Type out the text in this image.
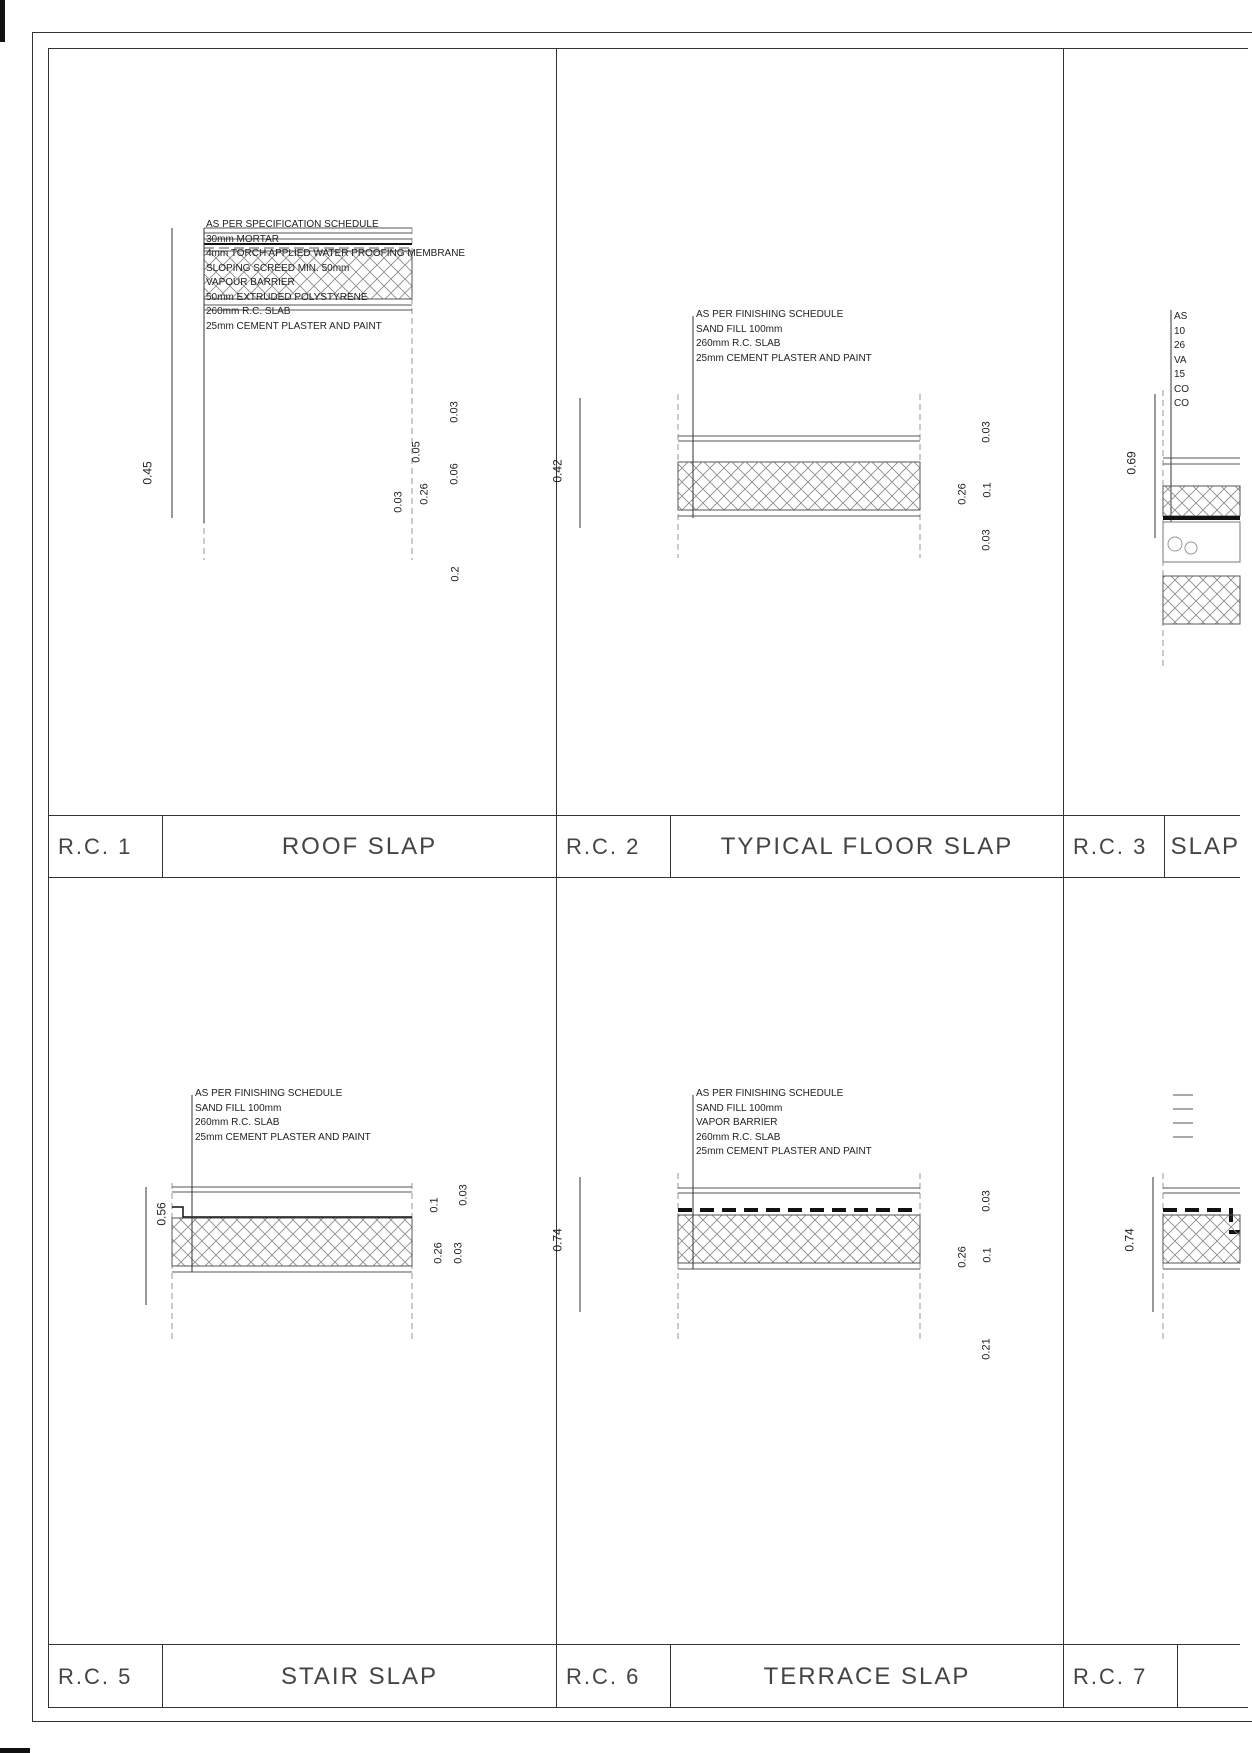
AS PER SPECIFICATION SCHEDULE
30mm MORTAR
4mm TORCH APPLIED WATER PROOFING MEMBRANE
SLOPING SCREED MIN. 50mm
VAPOUR BARRIER
50mm EXTRUDED POLYSTYRENE
260mm R.C. SLAB
25mm CEMENT PLASTER AND PAINT
0.45
0.05
0.03
0.03 0.26
0.06
0.2
R.C. 1	ROOF SLAP
AS PER FINISHING SCHEDULE
SAND FILL 100mm
260mm R.C. SLAB
25mm CEMENT PLASTER AND PAINT
0.42
0.03
0.26 0.1
0.03
R.C. 2	TYPICAL FLOOR SLAP
AS
10
26
VA
15
CO
CO
0.69
R.C. 3 SLAP
AS PER FINISHING SCHEDULE
SAND FILL 100mm
260mm R.C. SLAB
25mm CEMENT PLASTER AND PAINT
0.56	0.1 0.03
0.26 0.03
R.C. 5	STAIR SLAP
AS PER FINISHING SCHEDULE
SAND FILL 100mm
VAPOR BARRIER
260mm R.C. SLAB
25mm CEMENT PLASTER AND PAINT
0.74
0.03
0.26 0.1
0.21
R.C. 6	TERRACE SLAP
0.74
R.C. 7
